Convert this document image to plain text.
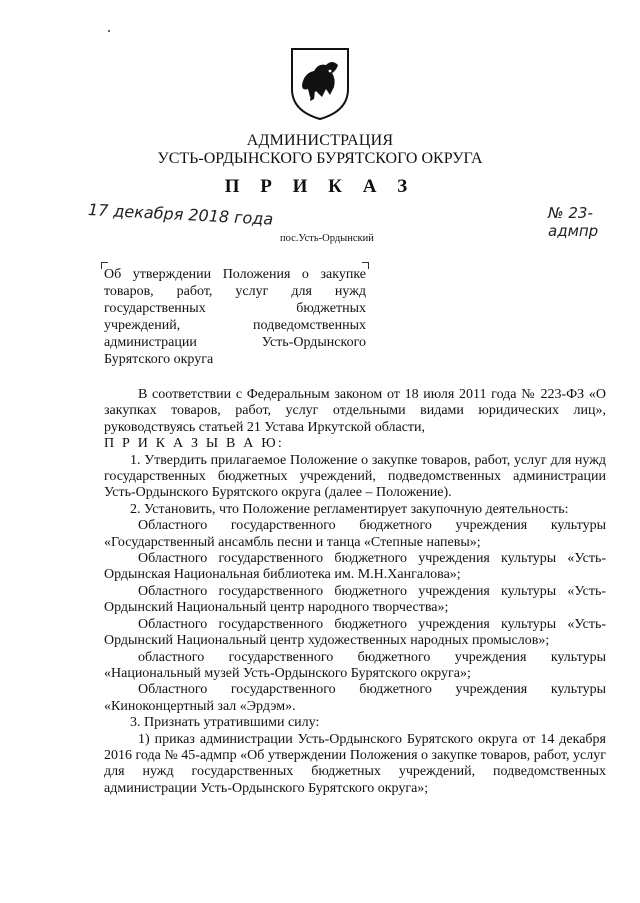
АДМИНИСТРАЦИЯ
УСТЬ-ОРДЫНСКОГО БУРЯТСКОГО ОКРУГА
П Р И К А З
17 декабря 2018 года	№ 23-адмпр
пос.Усть-Ордынский
Об утверждении Положения о закупке
товаров, работ, услуг для нужд
государственных бюджетных
учреждений, подведомственных
администрации Усть-Ордынского
Бурятского округа

В соответствии с Федеральным законом от 18 июля 2011 года № 223-ФЗ «О закупках товаров, работ, услуг отдельными видами юридических лиц», руководствуясь статьей 21 Устава Иркутской области,

П Р И К А З Ы В А Ю:

1. Утвердить прилагаемое Положение о закупке товаров, работ, услуг для нужд государственных бюджетных учреждений, подведомственных администрации Усть-Ордынского Бурятского округа (далее – Положение).

2. Установить, что Положение регламентирует закупочную деятельность:

Областного государственного бюджетного учреждения культуры «Государственный ансамбль песни и танца «Степные напевы»;

Областного государственного бюджетного учреждения культуры «Усть-Ордынская Национальная библиотека им. М.Н.Хангалова»;

Областного государственного бюджетного учреждения культуры «Усть-Ордынский Национальный центр народного творчества»;

Областного государственного бюджетного учреждения культуры «Усть-Ордынский Национальный центр художественных народных промыслов»;

областного государственного бюджетного учреждения культуры «Национальный музей Усть-Ордынского Бурятского округа»;

Областного государственного бюджетного учреждения культуры «Киноконцертный зал «Эрдэм».

3. Признать утратившими силу:

1) приказ администрации Усть-Ордынского Бурятского округа от 14 декабря 2016 года № 45-адмпр «Об утверждении Положения о закупке товаров, работ, услуг для нужд государственных бюджетных учреждений, подведомственных администрации Усть-Ордынского Бурятского округа»;
